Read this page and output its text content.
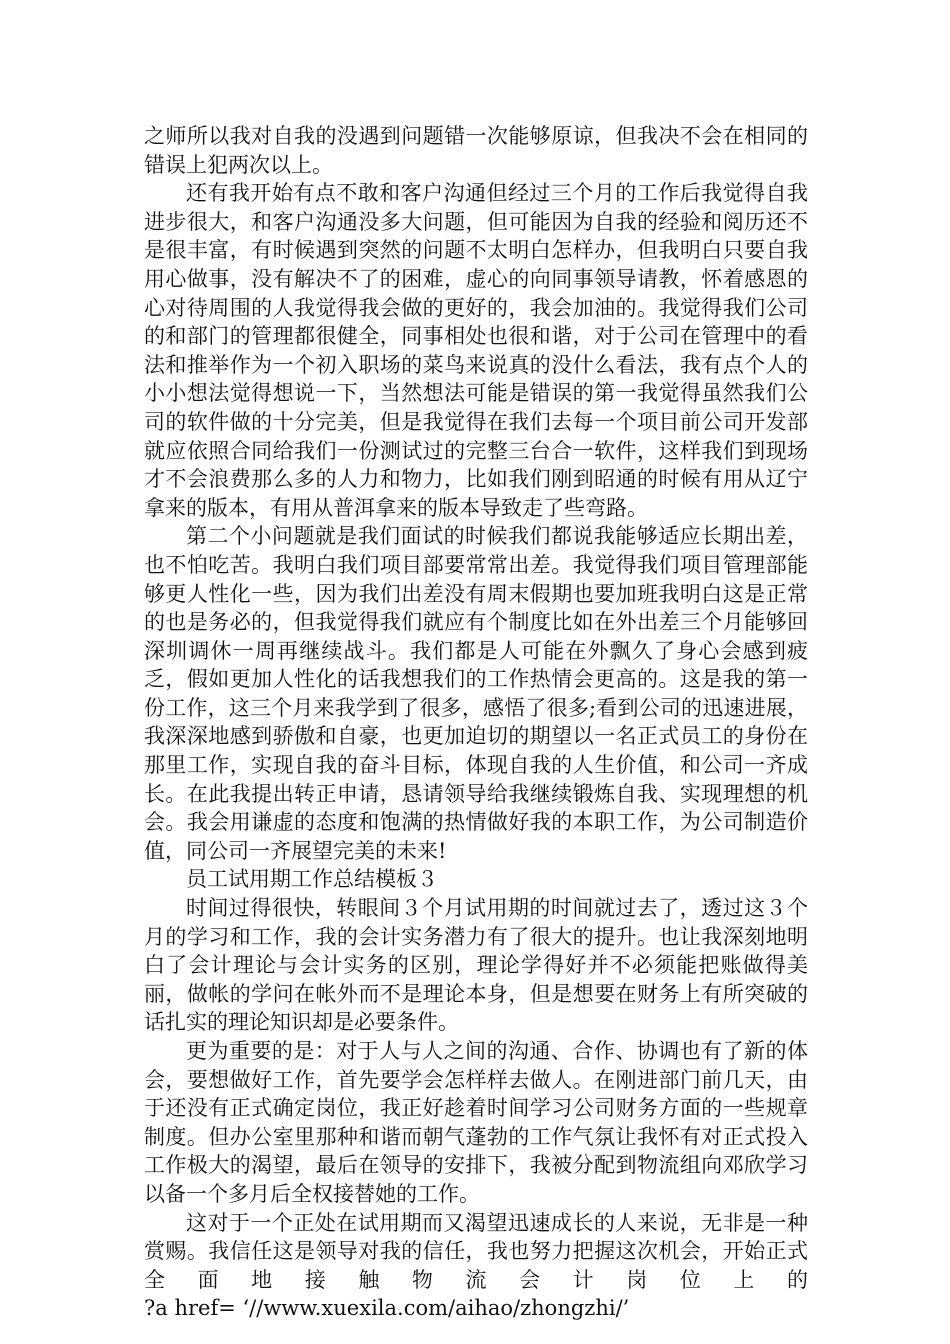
之师所以我对自我的没遇到问题错一次能够原谅，但我决不会在相同的错误上犯两次以上。

还有我开始有点不敢和客户沟通但经过三个月的工作后我觉得自我进步很大，和客户沟通没多大问题，但可能因为自我的经验和阅历还不是很丰富，有时候遇到突然的问题不太明白怎样办，但我明白只要自我用心做事，没有解决不了的困难，虚心的向同事领导请教，怀着感恩的心对待周围的人我觉得我会做的更好的，我会加油的。我觉得我们公司的和部门的管理都很健全，同事相处也很和谐，对于公司在管理中的看法和推举作为一个初入职场的菜鸟来说真的没什么看法，我有点个人的小小想法觉得想说一下，当然想法可能是错误的第一我觉得虽然我们公司的软件做的十分完美，但是我觉得在我们去每一个项目前公司开发部就应依照合同给我们一份测试过的完整三台合一软件，这样我们到现场才不会浪费那么多的人力和物力，比如我们刚到昭通的时候有用从辽宁拿来的版本，有用从普洱拿来的版本导致走了些弯路。

第二个小问题就是我们面试的时候我们都说我能够适应长期出差，也不怕吃苦。我明白我们项目部要常常出差。我觉得我们项目管理部能够更人性化一些，因为我们出差没有周末假期也要加班我明白这是正常的也是务必的，但我觉得我们就应有个制度比如在外出差三个月能够回深圳调休一周再继续战斗。我们都是人可能在外飘久了身心会感到疲乏，假如更加人性化的话我想我们的工作热情会更高的。这是我的第一份工作，这三个月来我学到了很多，感悟了很多;看到公司的迅速进展，我深深地感到骄傲和自豪，也更加迫切的期望以一名正式员工的身份在那里工作，实现自我的奋斗目标，体现自我的人生价值，和公司一齐成长。在此我提出转正申请，恳请领导给我继续锻炼自我、实现理想的机会。我会用谦虚的态度和饱满的热情做好我的本职工作，为公司制造价值，同公司一齐展望完美的未来!

员工试用期工作总结模板３

时间过得很快，转眼间３个月试用期的时间就过去了，透过这３个月的学习和工作，我的会计实务潜力有了很大的提升。也让我深刻地明白了会计理论与会计实务的区别，理论学得好并不必须能把账做得美丽，做帐的学问在帐外而不是理论本身，但是想要在财务上有所突破的话扎实的理论知识却是必要条件。

更为重要的是：对于人与人之间的沟通、合作、协调也有了新的体会，要想做好工作，首先要学会怎样样去做人。在刚进部门前几天，由于还没有正式确定岗位，我正好趁着时间学习公司财务方面的一些规章制度。但办公室里那种和谐而朝气蓬勃的工作气氛让我怀有对正式投入工作极大的渴望，最后在领导的安排下，我被分配到物流组向邓欣学习以备一个多月后全权接替她的工作。

这对于一个正处在试用期而又渴望迅速成长的人来说，无非是一种赏赐。我信任这是领导对我的信任，我也努力把握这次机会，开始正式全面地接触物流会计岗位上的

?a href= ‘//www.xuexila.com/aihao/zhongzhi/’
